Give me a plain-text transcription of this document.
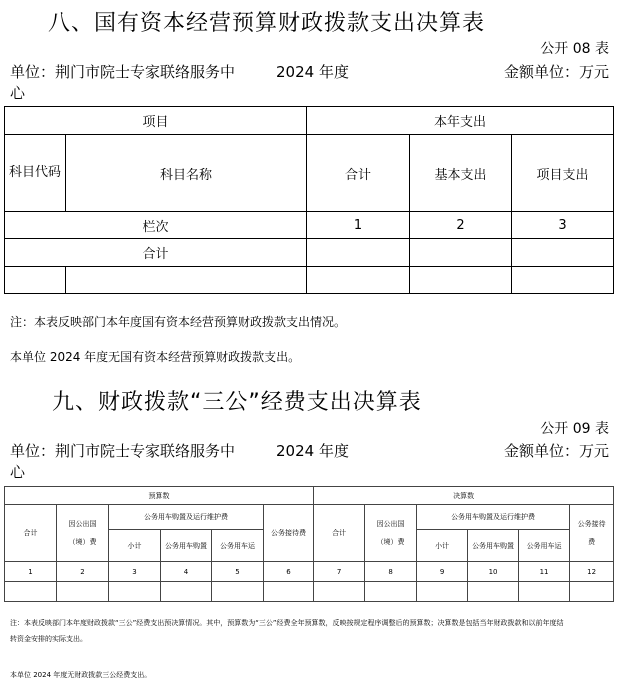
八、国有资本经营预算财政拨款支出决算表
公开 08 表
单位：荆门市院士专家联络服务中
心
2024 年度	金额单位：万元
项目		本年支出		
科目代码	科目名称	合计	基本支出	项目支出
栏次		1	2	3
合计				

注：本表反映部门本年度国有资本经营预算财政拨款支出情况。
本单位 2024 年度无国有资本经营预算财政拨款支出。
九、财政拨款“三公”经费支出决算表
公开 09 表
单位：荆门市院士专家联络服务中
心
2024 年度	金额单位：万元
预算数						决算数					
合计	因公出国（境）费	公务用车购置及运行维护费			公务接待费	合计	因公出国（境）费	公务用车购置及运行维护费			公务接待费
		小计	公务用车购置	公务用车运				小计	公务用车购置	公务用车运	
1	2	3	4	5	6	7	8	9	10	11	12

注：本表反映部门本年度财政拨款“三公”经费支出预决算情况。其中，预算数为“三公”经费全年预算数，反映按规定程序调整后的预算数；决算数是包括当年财政拨款和以前年度结
转资金安排的实际支出。
本单位 2024 年度无财政拨款三公经费支出。
